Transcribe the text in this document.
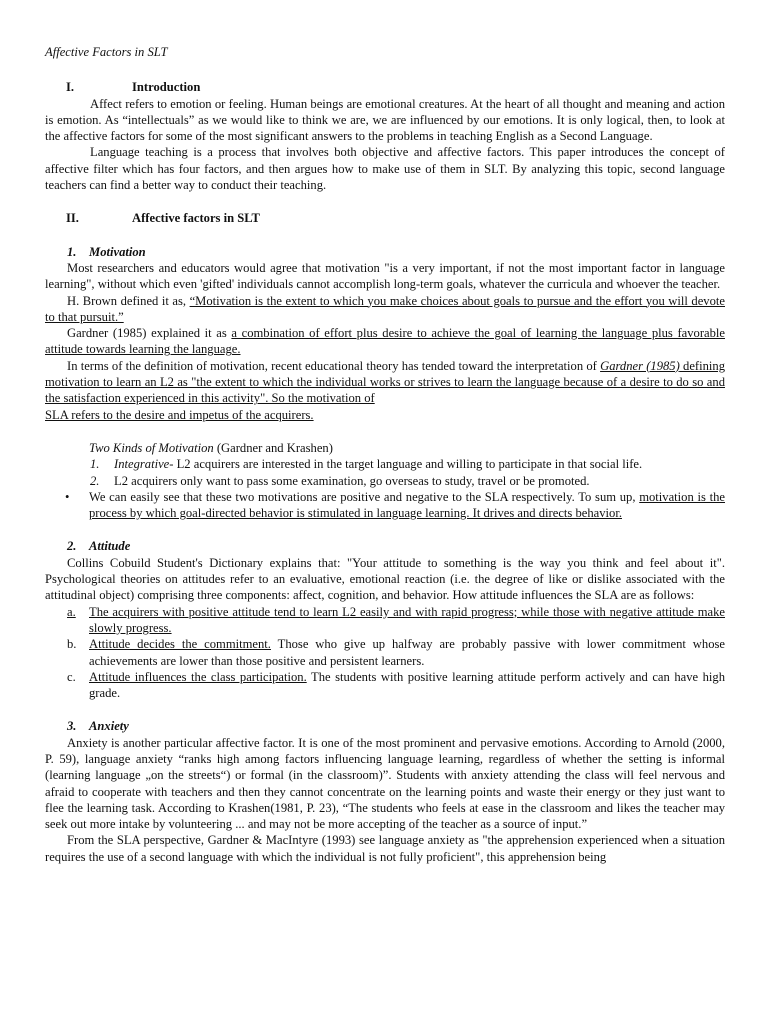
Affective Factors in SLT
I.	Introduction

Affect refers to emotion or feeling. Human beings are emotional creatures. At the heart of all thought and meaning and action is emotion. As “intellectuals” as we would like to think we are, we are influenced by our emotions. It is only logical, then, to look at the affective factors for some of the most significant answers to the problems in teaching English as a Second Language.

Language teaching is a process that involves both objective and affective factors. This paper introduces the concept of affective filter which has four factors, and then argues how to make use of them in SLT. By analyzing this topic, second language teachers can find a better way to conduct their teaching.

II.	Affective factors in SLT
1. Motivation

Most researchers and educators would agree that motivation "is a very important, if not the most important factor in language learning", without which even 'gifted' individuals cannot accomplish long-term goals, whatever the curricula and whoever the teacher.

H. Brown defined it as, “Motivation is the extent to which you make choices about goals to pursue and the effort you will devote to that pursuit.”

Gardner (1985) explained it as a combination of effort plus desire to achieve the goal of learning the language plus favorable attitude towards learning the language.

In terms of the definition of motivation, recent educational theory has tended toward the interpretation of Gardner (1985) defining motivation to learn an L2 as "the extent to which the individual works or strives to learn the language because of a desire to do so and the satisfaction experienced in this activity". So the motivation of

SLA refers to the desire and impetus of the acquirers.

Two Kinds of Motivation (Gardner and Krashen)

1. Integrative- L2 acquirers are interested in the target language and willing to participate in that social life.

2. L2 acquirers only want to pass some examination, go overseas to study, travel or be promoted.

• We can easily see that these two motivations are positive and negative to the SLA respectively. To sum up, motivation is the process by which goal-directed behavior is stimulated in language learning. It drives and directs behavior.

2. Attitude

Collins Cobuild Student's Dictionary explains that: "Your attitude to something is the way you think and feel about it". Psychological theories on attitudes refer to an evaluative, emotional reaction (i.e. the degree of like or dislike associated with the attitudinal object) comprising three components: affect, cognition, and behavior. How attitude influences the SLA are as follows:

a. The acquirers with positive attitude tend to learn L2 easily and with rapid progress; while those with negative attitude make slowly progress.

b. Attitude decides the commitment. Those who give up halfway are probably passive with lower commitment whose achievements are lower than those positive and persistent learners.

c. Attitude influences the class participation. The students with positive learning attitude perform actively and can have high grade.

3. Anxiety

Anxiety is another particular affective factor. It is one of the most prominent and pervasive emotions. According to Arnold (2000, P. 59), language anxiety “ranks high among factors influencing language learning, regardless of whether the setting is informal (learning language „on the streets“) or formal (in the classroom)”. Students with anxiety attending the class will feel nervous and afraid to cooperate with teachers and then they cannot concentrate on the learning points and waste their energy or they just want to flee the learning task. According to Krashen(1981, P. 23), “The students who feels at ease in the classroom and likes the teacher may seek out more intake by volunteering ... and may not be more accepting of the teacher as a source of input.”

From the SLA perspective, Gardner & MacIntyre (1993) see language anxiety as "the apprehension experienced when a situation requires the use of a second language with which the individual is not fully proficient", this apprehension being
